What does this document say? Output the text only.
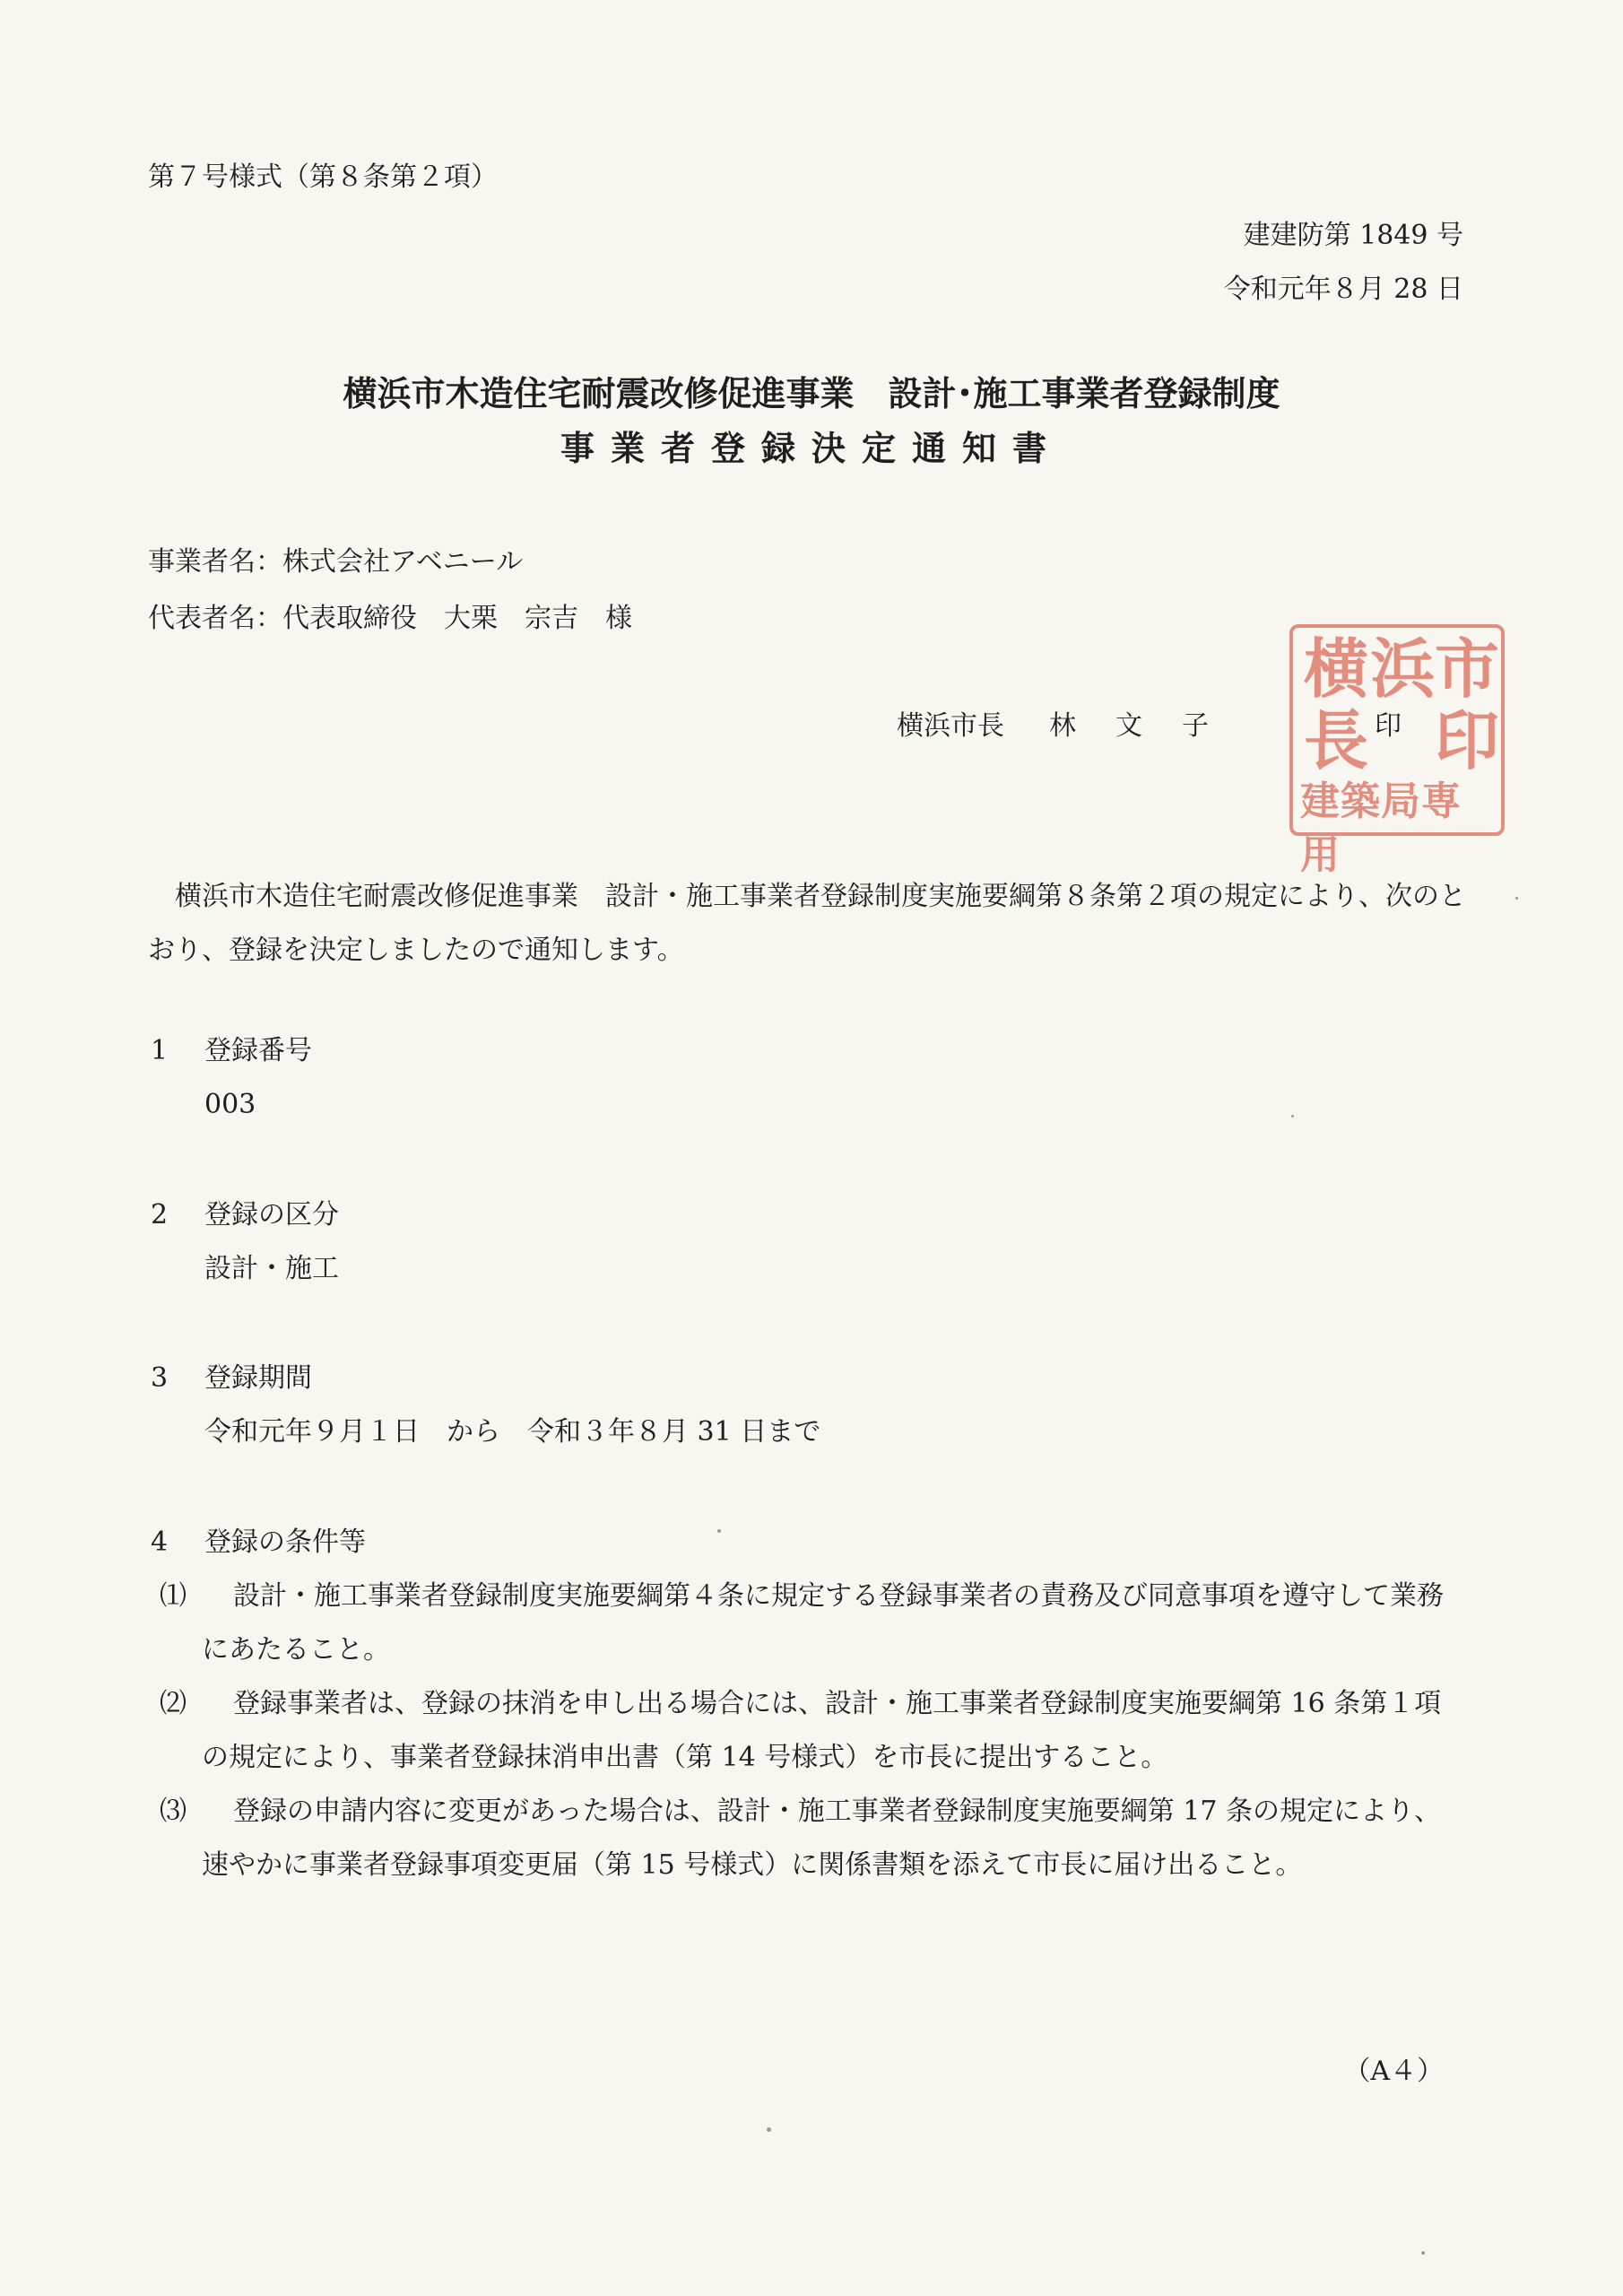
第７号様式（第８条第２項）
建建防第 1849 号
令和元年８月 28 日
横浜市木造住宅耐震改修促進事業　設計･施工事業者登録制度
事業者登録決定通知書
事業者名：株式会社アベニール
代表者名：代表取締役　大栗　宗吉　様
横浜市長 林文子
横 浜 市
長 印
建築局専用
印
横浜市木造住宅耐震改修促進事業　設計・施工事業者登録制度実施要綱第８条第２項の規定により、次のとおり、登録を決定しましたので通知します。
1 登録番号
003
2 登録の区分
設計・施工
3 登録期間
令和元年９月１日　から　令和３年８月 31 日まで
4 登録の条件等
⑴	設計・施工事業者登録制度実施要綱第４条に規定する登録事業者の責務及び同意事項を遵守して業務にあたること。
⑵	登録事業者は、登録の抹消を申し出る場合には、設計・施工事業者登録制度実施要綱第 16 条第１項の規定により、事業者登録抹消申出書（第 14 号様式）を市長に提出すること。
⑶	登録の申請内容に変更があった場合は、設計・施工事業者登録制度実施要綱第 17 条の規定により、速やかに事業者登録事項変更届（第 15 号様式）に関係書類を添えて市長に届け出ること。
（A４）
